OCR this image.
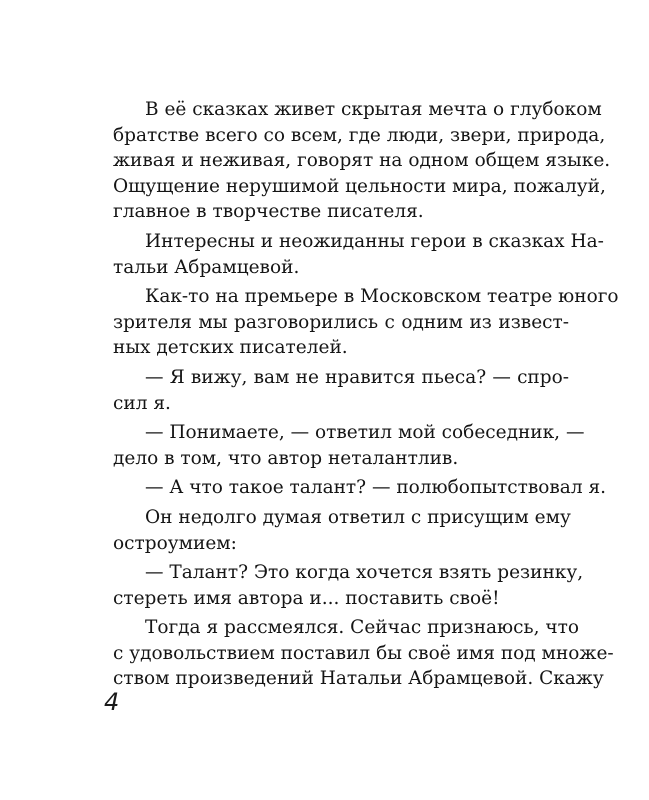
В её сказках живет скрытая мечта о глубоком
братстве всего со всем, где люди, звери, природа,
живая и неживая, говорят на одном общем языке.
Ощущение нерушимой цельности мира, пожалуй,
главное в творчестве писателя.

Интересны и неожиданны герои в сказках На-
тальи Абрамцевой.

Как-то на премьере в Московском театре юного
зрителя мы разговорились с одним из извест-
ных детских писателей.

— Я вижу, вам не нравится пьеса? — спро-
сил я.

— Понимаете, — ответил мой собеседник, —
дело в том, что автор неталантлив.

— А что такое талант? — полюбопытствовал я.

Он недолго думая ответил с присущим ему
остроумием:

— Талант? Это когда хочется взять резинку,
стереть имя автора и... поставить своё!

Тогда я рассмеялся. Сейчас признаюсь, что
с удовольствием поставил бы своё имя под множе-
ством произведений Натальи Абрамцевой. Скажу

4
